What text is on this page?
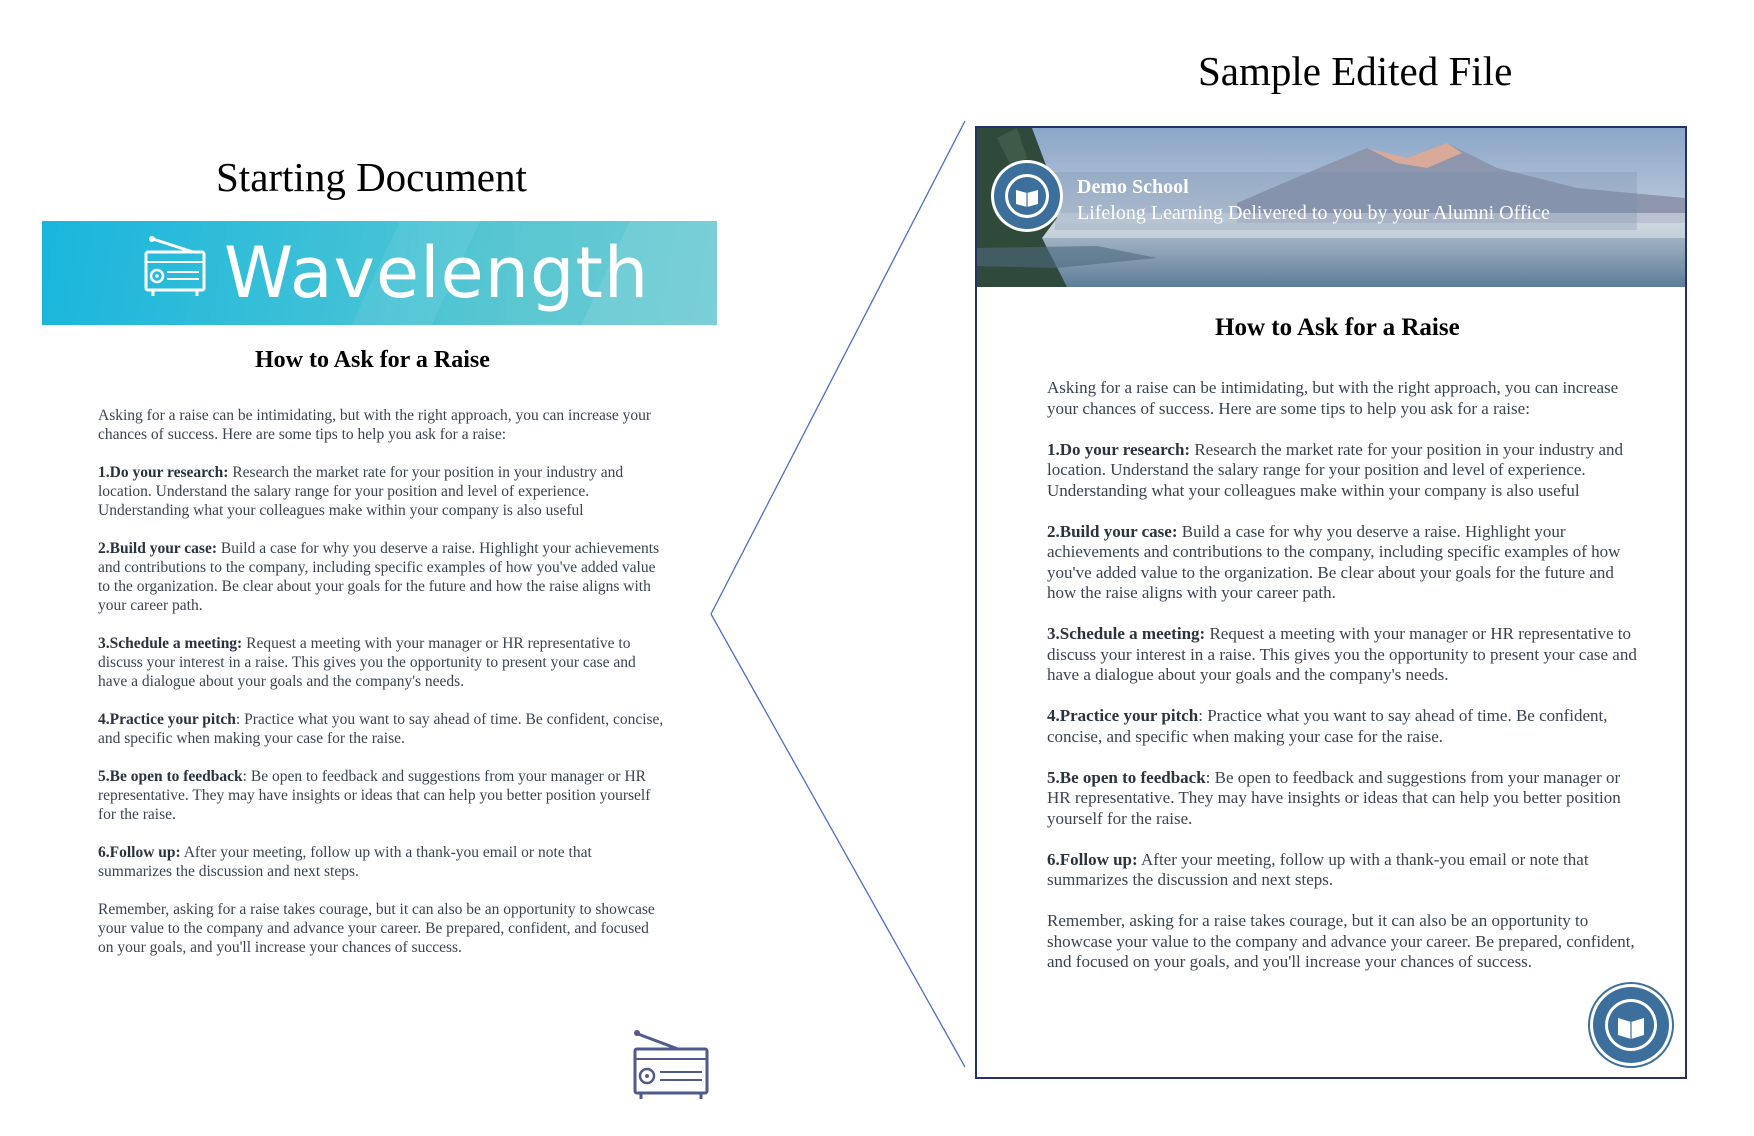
Starting Document
Sample Edited File
Wavelength
How to Ask for a Raise

Asking for a raise can be intimidating, but with the right approach, you can increase your chances of success. Here are some tips to help you ask for a raise:

1.Do your research: Research the market rate for your position in your industry and location. Understand the salary range for your position and level of experience. Understanding what your colleagues make within your company is also useful

2.Build your case: Build a case for why you deserve a raise. Highlight your achievements and contributions to the company, including specific examples of how you've added value to the organization. Be clear about your goals for the future and how the raise aligns with your career path.

3.Schedule a meeting: Request a meeting with your manager or HR representative to discuss your interest in a raise. This gives you the opportunity to present your case and have a dialogue about your goals and the company's needs.

4.Practice your pitch: Practice what you want to say ahead of time. Be confident, concise, and specific when making your case for the raise.

5.Be open to feedback: Be open to feedback and suggestions from your manager or HR representative. They may have insights or ideas that can help you better position yourself for the raise.

6.Follow up: After your meeting, follow up with a thank-you email or note that summarizes the discussion and next steps.

Remember, asking for a raise takes courage, but it can also be an opportunity to showcase your value to the company and advance your career. Be prepared, confident, and focused on your goals, and you'll increase your chances of success.

Demo School
Lifelong Learning Delivered to you by your Alumni Office
How to Ask for a Raise

Asking for a raise can be intimidating, but with the right approach, you can increase your chances of success. Here are some tips to help you ask for a raise:

1.Do your research: Research the market rate for your position in your industry and location. Understand the salary range for your position and level of experience. Understanding what your colleagues make within your company is also useful

2.Build your case: Build a case for why you deserve a raise. Highlight your achievements and contributions to the company, including specific examples of how you've added value to the organization. Be clear about your goals for the future and how the raise aligns with your career path.

3.Schedule a meeting: Request a meeting with your manager or HR representative to discuss your interest in a raise. This gives you the opportunity to present your case and have a dialogue about your goals and the company's needs.

4.Practice your pitch: Practice what you want to say ahead of time. Be confident, concise, and specific when making your case for the raise.

5.Be open to feedback: Be open to feedback and suggestions from your manager or HR representative. They may have insights or ideas that can help you better position yourself for the raise.

6.Follow up: After your meeting, follow up with a thank-you email or note that summarizes the discussion and next steps.

Remember, asking for a raise takes courage, but it can also be an opportunity to showcase your value to the company and advance your career. Be prepared, confident, and focused on your goals, and you'll increase your chances of success.
